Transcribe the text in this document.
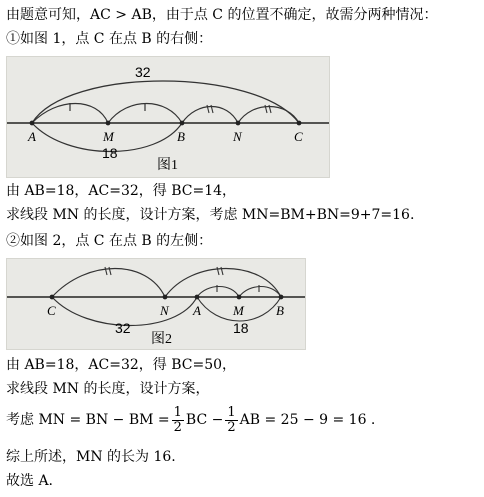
由题意可知，AC > AB，由于点 C 的位置不确定，故需分两种情况：
①如图 1，点 C 在点 B 的右侧：
A	M	B	N	C
32
18
图1
由 AB=18，AC=32，得 BC=14，
求线段 MN 的长度，设计方案，考虑 MN=BM+BN=9+7=16.
②如图 2，点 C 在点 B 的左侧：
C	N A M B
32	18
图2
由 AB=18，AC=32，得 BC=50，
求线段 MN 的长度，设计方案，
考虑 MN = BN − BM = $\frac{1}{2}$ BC − $\frac{1}{2}$ AB = 25 − 9 = 16 .
综上所述，MN 的长为 16.
故选 A.
